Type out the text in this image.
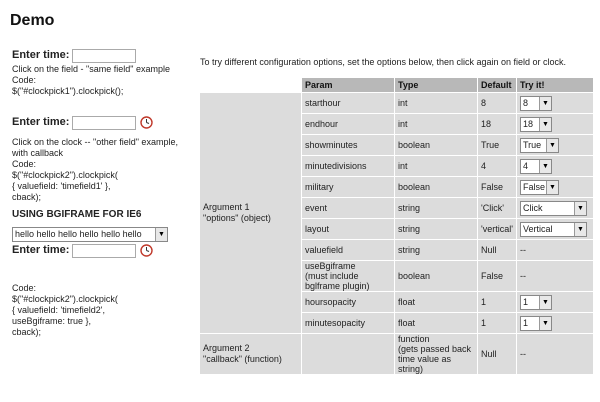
Demo
Enter time:

Click on the field - "same field" example
Code:
$("#clockpick1").clockpick();

Enter time:

Click on the clock -- "other field" example,
with callback
Code:
$("#clockpick2").clockpick(
{ valuefield: 'timefield1' },
cback);

USING BGIFRAME FOR IE6
hello hello hello hello hello hello	▼
Enter time:

Code:
$("#clockpick2").clockpick(
{ valuefield: 'timefield2',
useBgiframe: true },
cback);

To try different configuration options, set the options below, then click again on field or clock.
	Param	Type	Default	Try it!
Argument 1
"options" (object)	starthour	int	8	8 ▼

	endhour	int	18	18 ▼

	showminutes	boolean	True	True ▼

	minutedivisions	int	4	4 ▼

	military	boolean	False	False ▼

	event	string	'Click'	Click ▼

	layout	string	'vertical'	Vertical ▼

	valuefield	string	Null	--
	useBgiframe
(must include
bglframe plugin)	boolean	False	--
	hoursopacity	float	1	1 ▼

	minutesopacity	float	1	1 ▼

Argument 2
"callback" (function)		function
(gets passed back
time value as
string)	Null	--
